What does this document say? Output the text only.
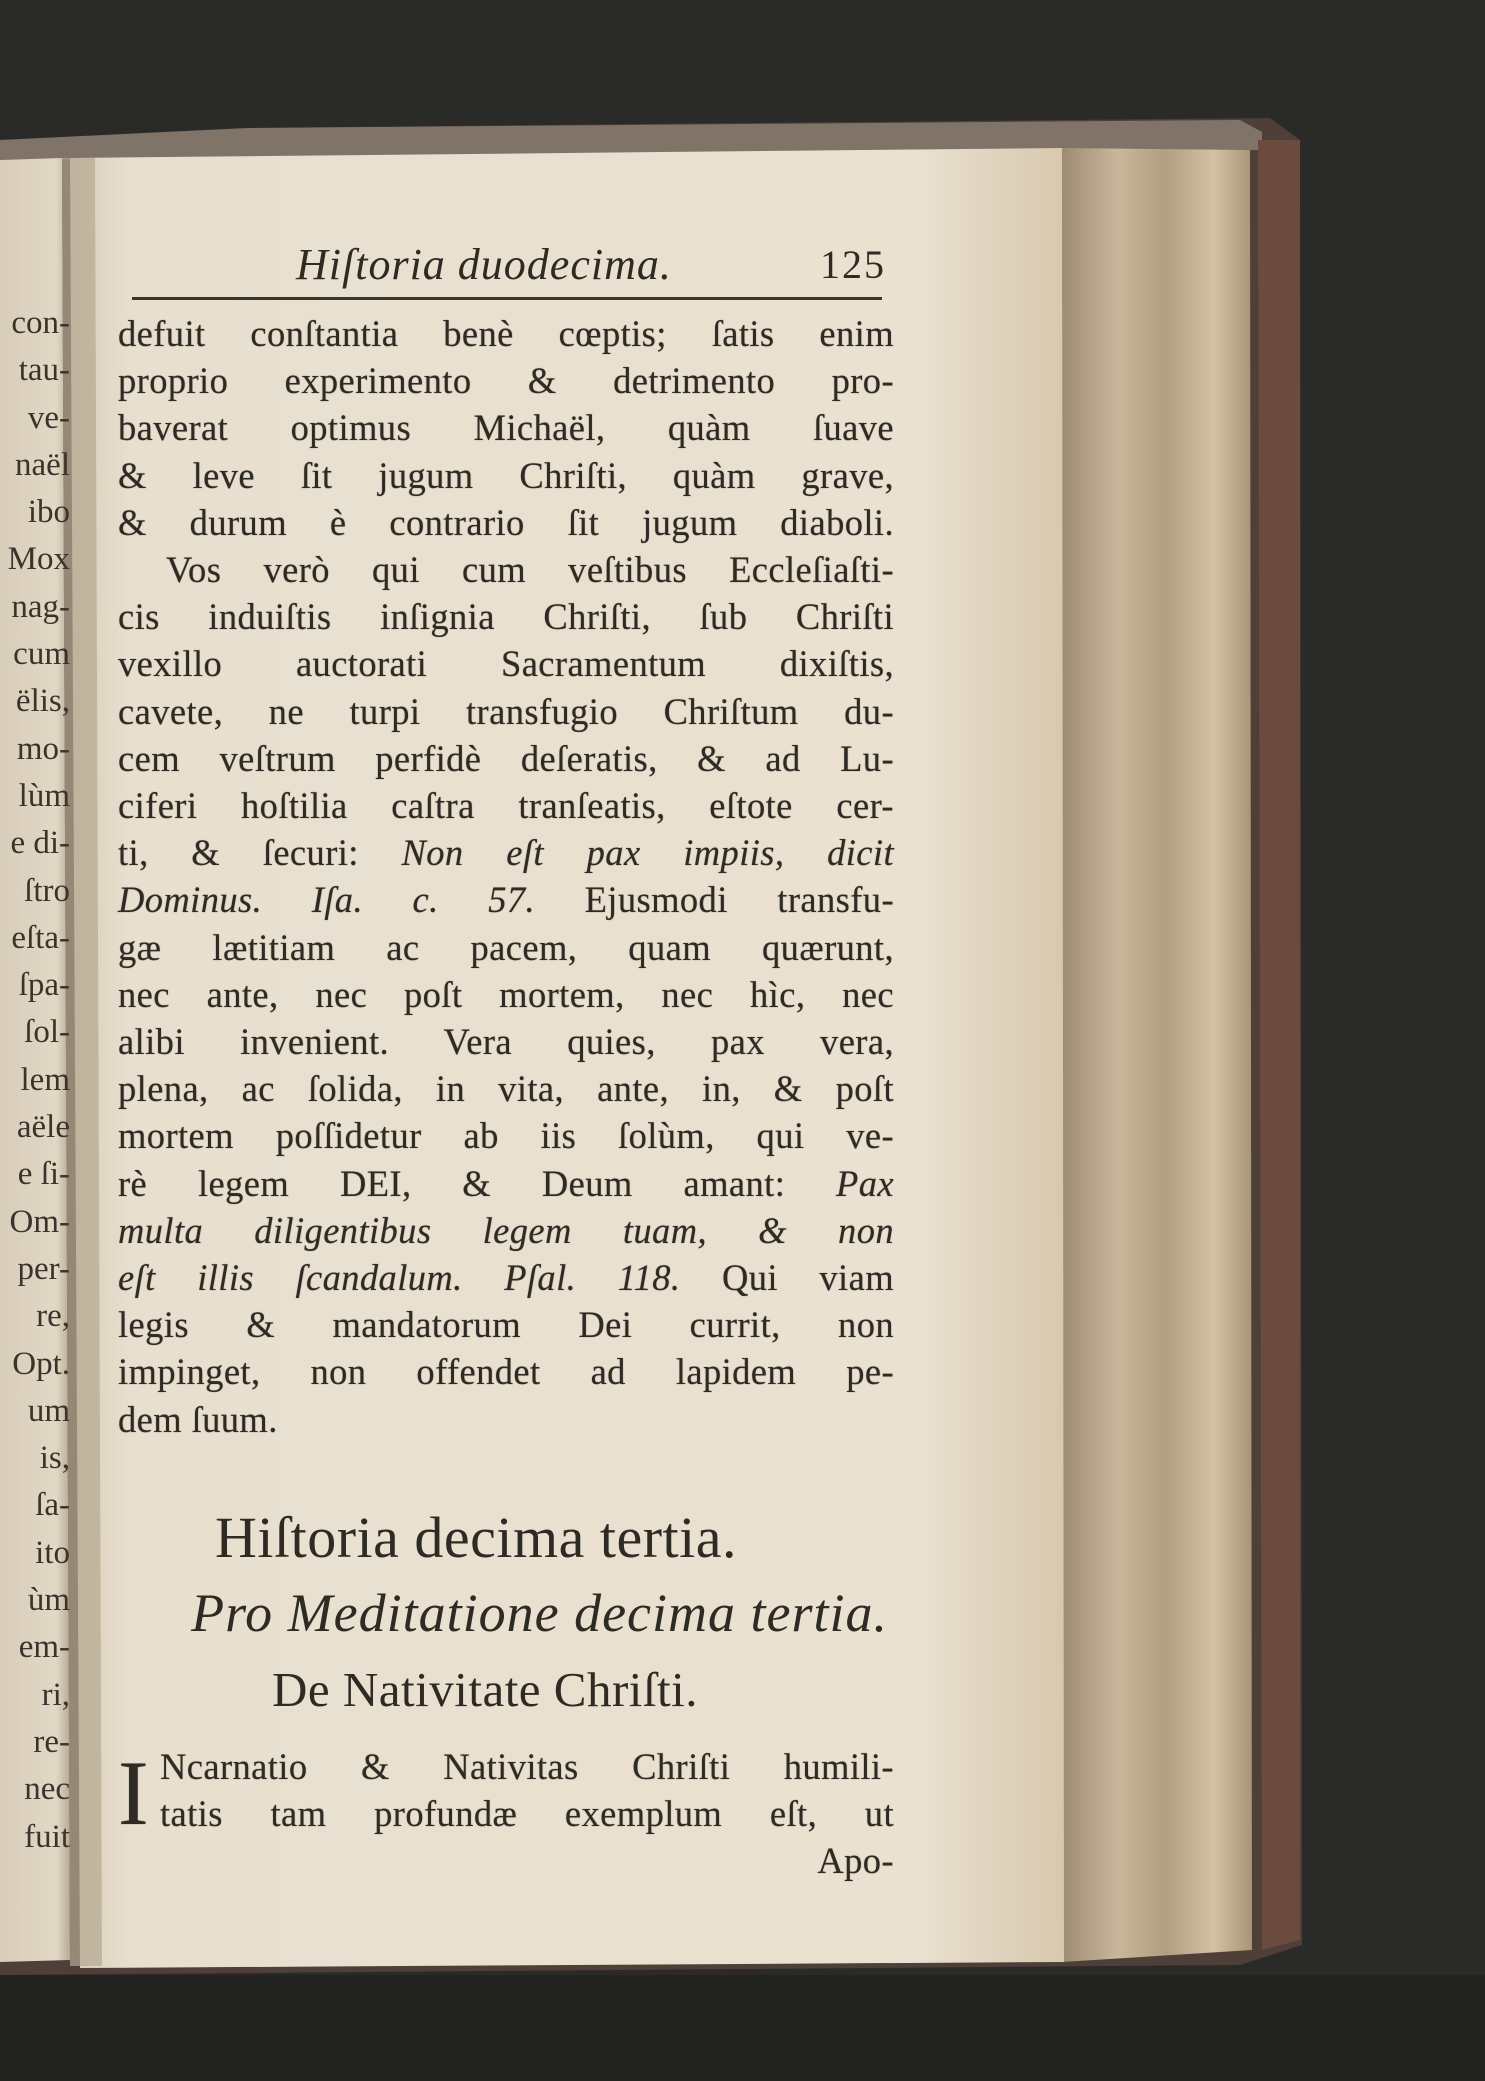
con-
tau-
ve-
naël
ibo
Mox
nag-
cum
ëlis,
mo-
lùm
e di-
ſtro
eſta-
ſpa-
ſol-
lem
aële
e ſi-
Om-
per-
re,
Opt.
um
is,
ſa-
ito
ùm
em-
ri,
re-
nec
fuit
Hiſtoria duodecima.	125

defuit conſtantia benè cœptis; ſatis enim
proprio experimento & detrimento pro-
baverat optimus Michaël, quàm ſuave
& leve ſit jugum Chriſti, quàm grave,
& durum è contrario ſit jugum diaboli.

Vos verò qui cum veſtibus Eccleſiaſti-
cis induiſtis inſignia Chriſti, ſub Chriſti
vexillo auctorati Sacramentum dixiſtis,
cavete, ne turpi transfugio Chriſtum du-
cem veſtrum perfidè deſeratis, & ad Lu-
ciferi hoſtilia caſtra tranſeatis, eſtote cer-
ti, & ſecuri: Non eſt pax impiis, dicit
Dominus. Iſa. c. 57. Ejusmodi transfu-
gæ lætitiam ac pacem, quam quærunt,
nec ante, nec poſt mortem, nec hìc, nec
alibi invenient. Vera quies, pax vera,
plena, ac ſolida, in vita, ante, in, & poſt
mortem poſſidetur ab iis ſolùm, qui ve-
rè legem DEI, & Deum amant: Pax
multa diligentibus legem tuam, & non
eſt illis ſcandalum. Pſal. 118. Qui viam
legis & mandatorum Dei currit, non
impinget, non offendet ad lapidem pe-
dem ſuum.

Hiſtoria decima tertia.

Pro Meditatione decima tertia.

De Nativitate Chriſti.

I Ncarnatio & Nativitas Chriſti humili-
tatis tam profundæ exemplum eſt, ut
Apo-
